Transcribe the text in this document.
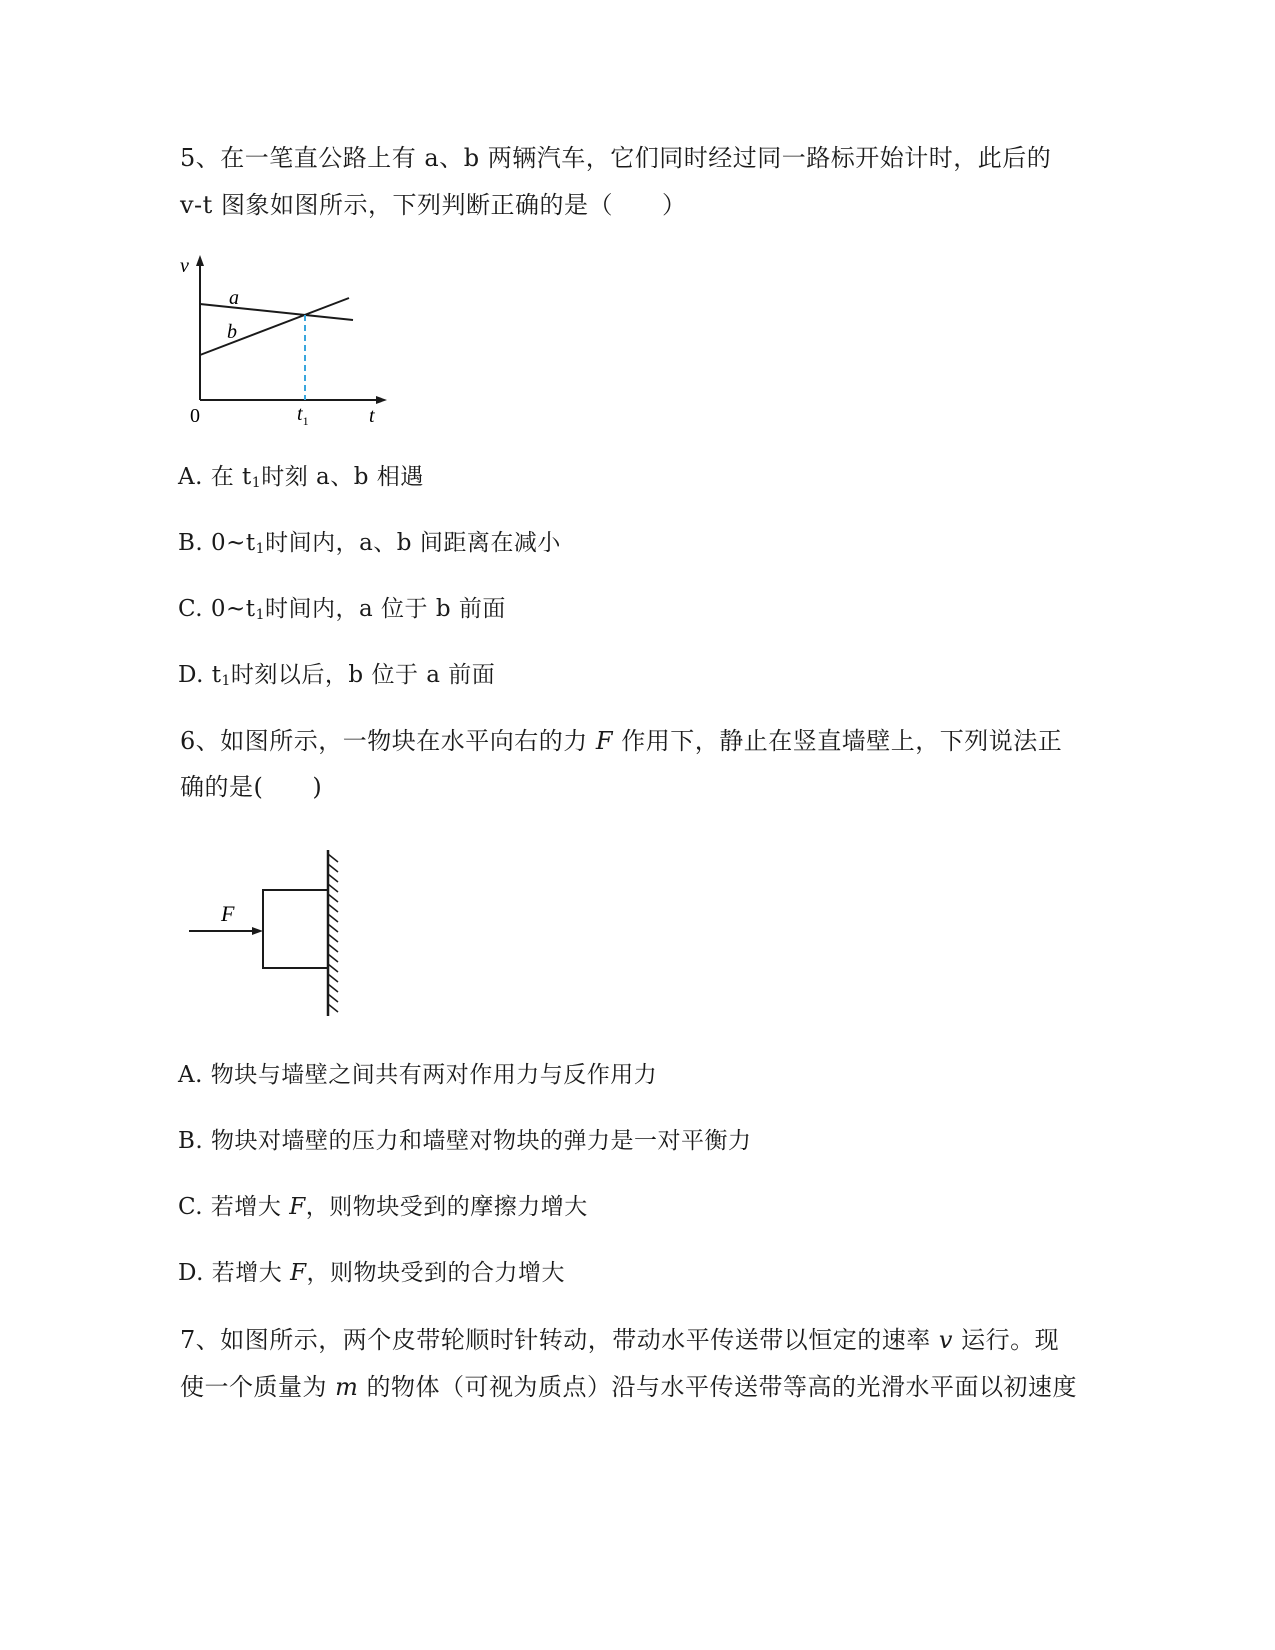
5、在一笔直公路上有 a、b 两辆汽车，它们同时经过同一路标开始计时，此后的
v-t 图象如图所示，下列判断正确的是（　　）
v
t
0	$t_1$
a
b
A. 在 $t_1$时刻 a、b 相遇
B. $0\sim t_1$时间内，a、b 间距离在减小
C. $0\sim t_1$时间内，a 位于 b 前面
D. $t_1$时刻以后，b 位于 a 前面
6、如图所示，一物块在水平向右的力 F 作用下，静止在竖直墙壁上，下列说法正
确的是(　　)
F
A. 物块与墙壁之间共有两对作用力与反作用力
B. 物块对墙壁的压力和墙壁对物块的弹力是一对平衡力
C. 若增大 F，则物块受到的摩擦力增大
D. 若增大 F，则物块受到的合力增大
7、如图所示，两个皮带轮顺时针转动，带动水平传送带以恒定的速率 v 运行。现
使一个质量为 m 的物体（可视为质点）沿与水平传送带等高的光滑水平面以初速度
